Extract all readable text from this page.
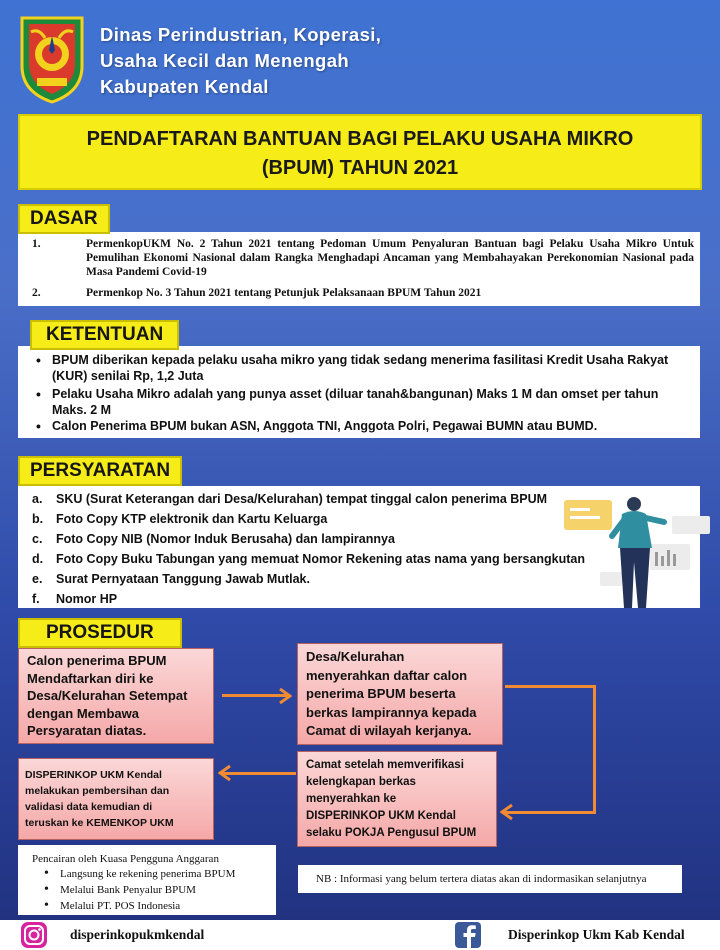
Dinas Perindustrian, Koperasi,
Usaha Kecil dan Menengah
Kabupaten Kendal
PENDAFTARAN BANTUAN BAGI PELAKU USAHA MIKRO
(BPUM) TAHUN 2021
DASAR
1.	PermenkopUKM No. 2 Tahun 2021 tentang Pedoman Umum Penyaluran Bantuan bagi Pelaku Usaha Mikro Untuk Pemulihan Ekonomi Nasional dalam Rangka Menghadapi Ancaman yang Membahayakan Perekonomian Nasional pada Masa Pandemi Covid-19
2.	Permenkop No. 3 Tahun 2021 tentang Petunjuk Pelaksanaan BPUM Tahun 2021
KETENTUAN
• BPUM diberikan kepada pelaku usaha mikro yang tidak sedang menerima fasilitasi Kredit Usaha Rakyat (KUR) senilai Rp, 1,2 Juta
• Pelaku Usaha Mikro adalah yang punya asset (diluar tanah&bangunan) Maks 1 M dan omset per tahun Maks. 2 M
• Calon Penerima BPUM bukan ASN, Anggota TNI, Anggota Polri, Pegawai BUMN atau BUMD.
PERSYARATAN
a.	SKU (Surat Keterangan dari Desa/Kelurahan) tempat tinggal calon penerima BPUM
b.	Foto Copy KTP elektronik dan Kartu Keluarga
c.	Foto Copy NIB (Nomor Induk Berusaha) dan lampirannya
d.	Foto Copy Buku Tabungan yang memuat Nomor Rekening atas nama yang bersangkutan
e.	Surat Pernyataan Tanggung Jawab Mutlak.
f.	Nomor HP
PROSEDUR
Calon penerima BPUM
Mendaftarkan diri ke
Desa/Kelurahan Setempat
dengan Membawa
Persyaratan diatas.
Desa/Kelurahan
menyerahkan daftar calon
penerima BPUM beserta
berkas lampirannya kepada
Camat di wilayah kerjanya.
Camat setelah memverifikasi
kelengkapan berkas
menyerahkan ke
DISPERINKOP UKM Kendal
selaku POKJA Pengusul BPUM
DISPERINKOP UKM Kendal
melakukan pembersihan dan
validasi data kemudian di
teruskan ke KEMENKOP UKM
Pencairan oleh Kuasa Pengguna Anggaran
• Langsung ke rekening penerima BPUM
• Melalui Bank Penyalur BPUM
• Melalui PT. POS Indonesia
NB : Informasi yang belum tertera diatas akan di indormasikan selanjutnya
disperinkopukmkendal	Disperinkop Ukm Kab Kendal
